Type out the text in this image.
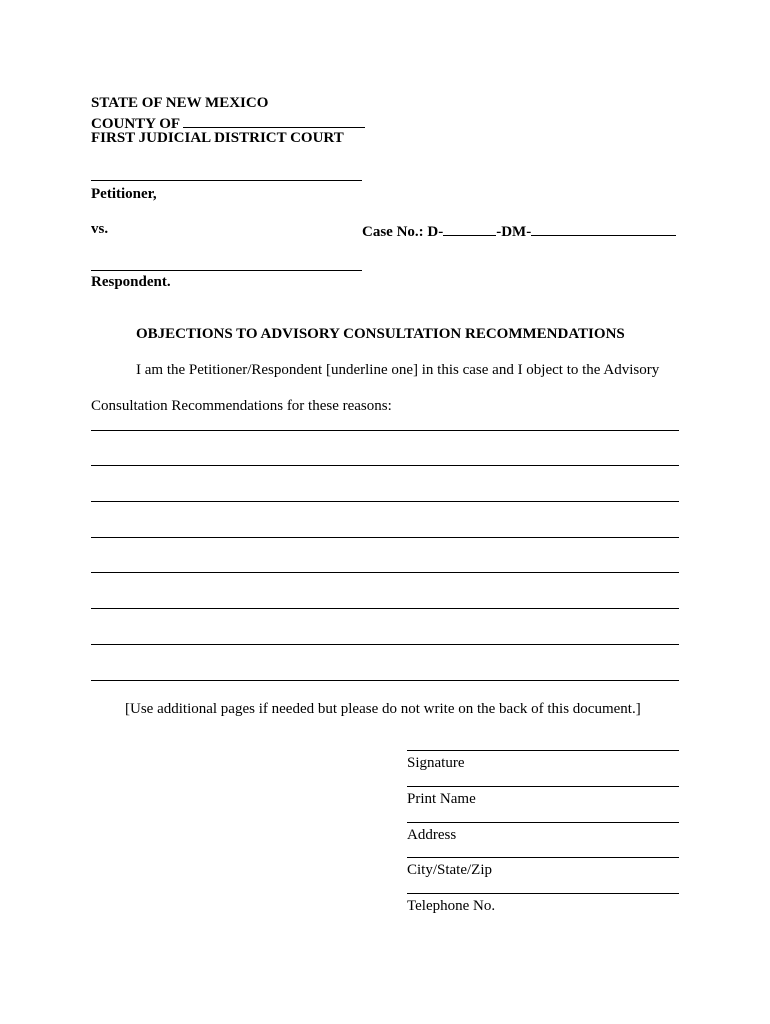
STATE OF NEW MEXICO
COUNTY OF
FIRST JUDICIAL DISTRICT COURT
Petitioner,
vs.	Case No.: D-	-DM-
Respondent.
OBJECTIONS TO ADVISORY CONSULTATION RECOMMENDATIONS
I am the Petitioner/Respondent [underline one] in this case and I object to the Advisory
Consultation Recommendations for these reasons:
[Use additional pages if needed but please do not write on the back of this document.]
Signature
Print Name
Address
City/State/Zip
Telephone No.
